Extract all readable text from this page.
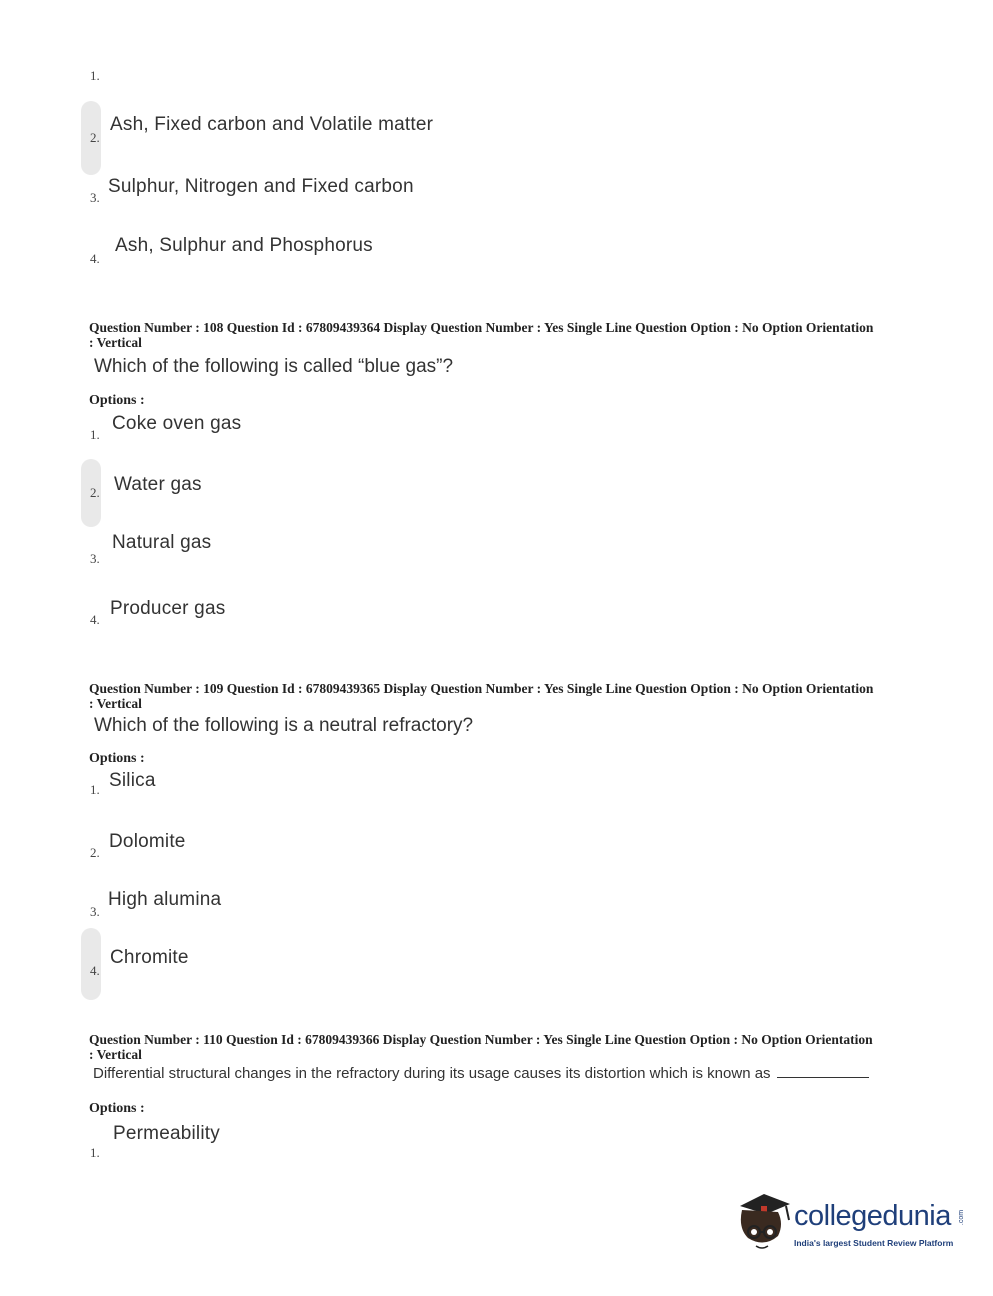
1.

2.
Ash, Fixed carbon and Volatile matter
3.
Sulphur, Nitrogen and Fixed carbon
4.
Ash, Sulphur and Phosphorus
Question Number : 108 Question Id : 67809439364 Display Question Number : Yes Single Line Question Option : No Option Orientation : Vertical
Which of the following is called “blue gas”?
Options :
1.
Coke oven gas
2. Water gas
3.
Natural gas
4.
Producer gas
Question Number : 109 Question Id : 67809439365 Display Question Number : Yes Single Line Question Option : No Option Orientation : Vertical
Which of the following is a neutral refractory?
Options :
1. Silica
2.
Dolomite
3.
High alumina
4.
Chromite
Question Number : 110 Question Id : 67809439366 Display Question Number : Yes Single Line Question Option : No Option Orientation : Vertical
Differential structural changes in the refractory during its usage causes its distortion which is known as
Options :
1.
Permeability
collegedunia .com
India's largest Student Review Platform
